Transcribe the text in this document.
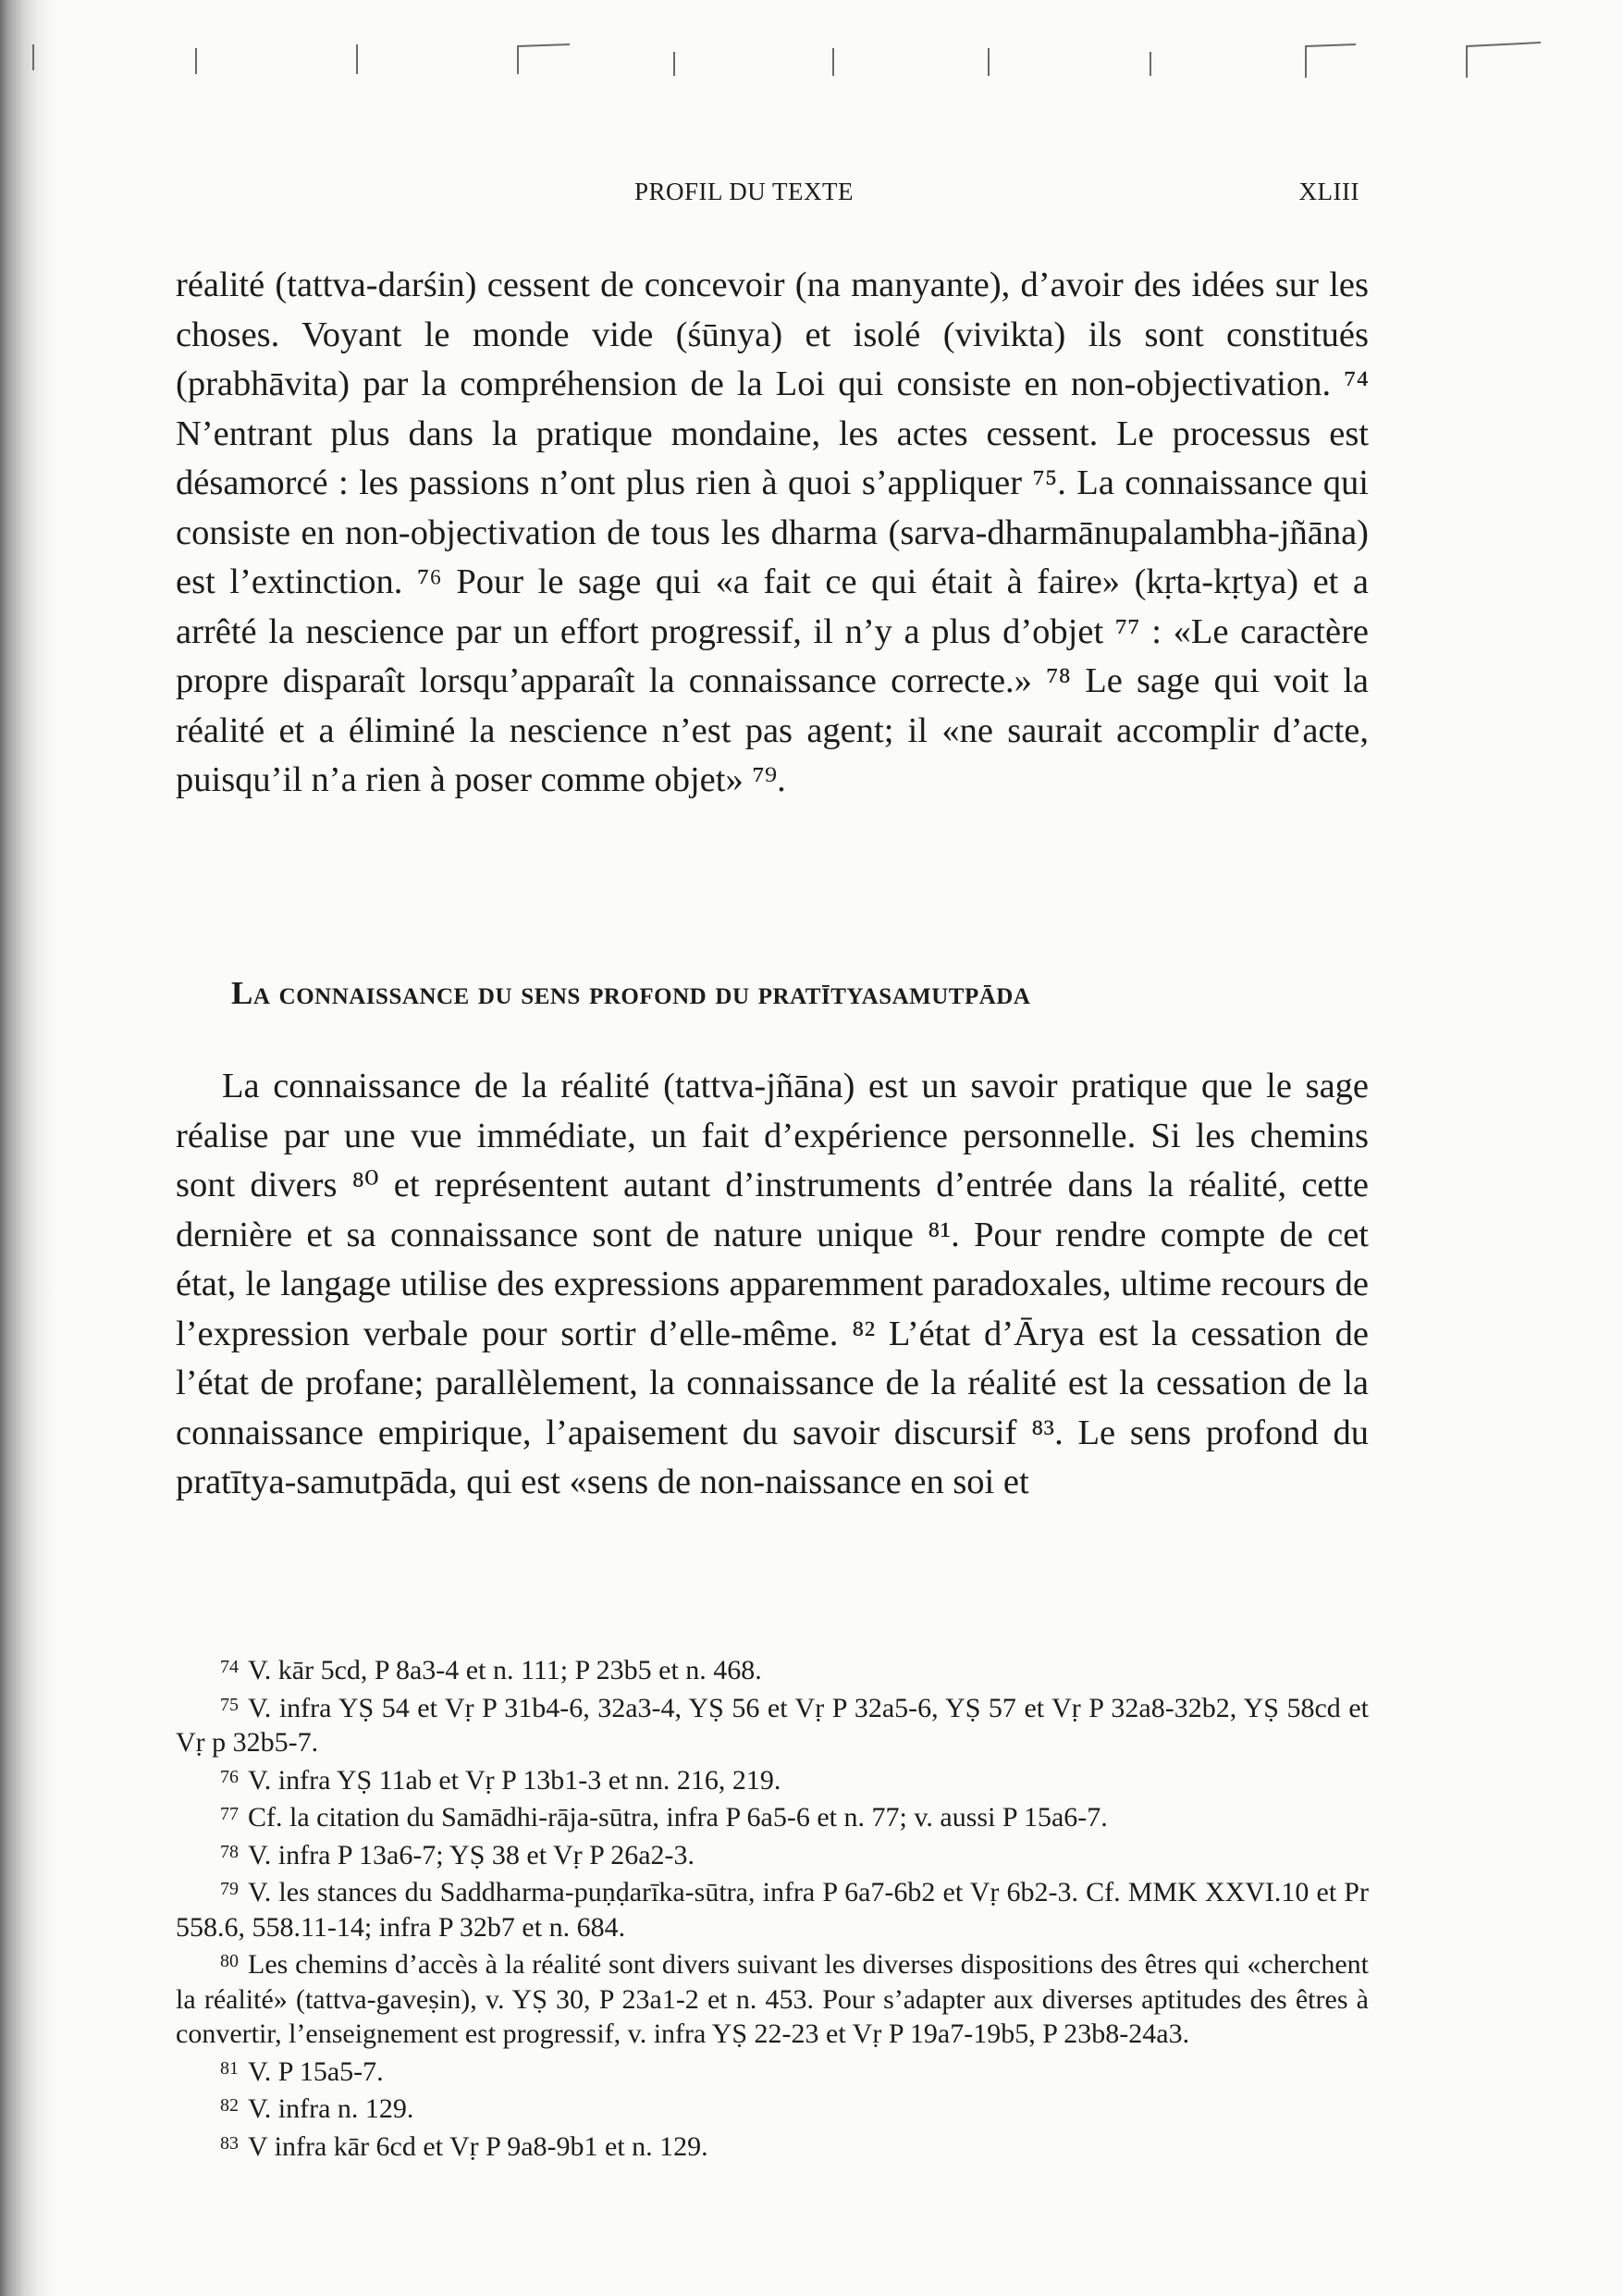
PROFIL DU TEXTE	XLIII

réalité (tattva-darśin) cessent de concevoir (na manyante), d’avoir des idées sur les choses. Voyant le monde vide (śūnya) et isolé (vivikta) ils sont constitués (prabhāvita) par la compréhension de la Loi qui consiste en non-objectivation. ⁷⁴ N’entrant plus dans la pratique mondaine, les actes cessent. Le processus est désamorcé : les passions n’ont plus rien à quoi s’appliquer ⁷⁵. La connaissance qui consiste en non-objectivation de tous les dharma (sarva-dharmānupalambha-jñāna) est l’extinction. ⁷⁶ Pour le sage qui «a fait ce qui était à faire» (kṛta-kṛtya) et a arrêté la nescience par un effort progressif, il n’y a plus d’objet ⁷⁷ : «Le caractère propre disparaît lorsqu’apparaît la connaissance correcte.» ⁷⁸ Le sage qui voit la réalité et a éliminé la nescience n’est pas agent; il «ne saurait accomplir d’acte, puisqu’il n’a rien à poser comme objet» ⁷⁹.

La connaissance du sens profond du pratītyasamutpāda

La connaissance de la réalité (tattva-jñāna) est un savoir pratique que le sage réalise par une vue immédiate, un fait d’expérience personnelle. Si les chemins sont divers ⁸⁰ et représentent autant d’instruments d’entrée dans la réalité, cette dernière et sa connaissance sont de nature unique ⁸¹. Pour rendre compte de cet état, le langage utilise des expressions apparemment paradoxales, ultime recours de l’expression verbale pour sortir d’elle-même. ⁸² L’état d’Ārya est la cessation de l’état de profane; parallèlement, la connaissance de la réalité est la cessation de la connaissance empirique, l’apaisement du savoir discursif ⁸³. Le sens profond du pratītya-samutpāda, qui est «sens de non-naissance en soi et

$^{74}$ V. kār 5cd, P 8a3-4 et n. 111; P 23b5 et n. 468.

$^{75}$ V. infra YṢ 54 et Vṛ P 31b4-6, 32a3-4, YṢ 56 et Vṛ P 32a5-6, YṢ 57 et Vṛ P 32a8-32b2, YṢ 58cd et Vṛ p 32b5-7.

$^{76}$ V. infra YṢ 11ab et Vṛ P 13b1-3 et nn. 216, 219.

$^{77}$ Cf. la citation du Samādhi-rāja-sūtra, infra P 6a5-6 et n. 77; v. aussi P 15a6-7.

$^{78}$ V. infra P 13a6-7; YṢ 38 et Vṛ P 26a2-3.

$^{79}$ V. les stances du Saddharma-puṇḍarīka-sūtra, infra P 6a7-6b2 et Vṛ 6b2-3. Cf. MMK XXVI.10 et Pr 558.6, 558.11-14; infra P 32b7 et n. 684.

$^{80}$ Les chemins d’accès à la réalité sont divers suivant les diverses dispositions des êtres qui «cherchent la réalité» (tattva-gaveṣin), v. YṢ 30, P 23a1-2 et n. 453. Pour s’adapter aux diverses aptitudes des êtres à convertir, l’enseignement est progressif, v. infra YṢ 22-23 et Vṛ P 19a7-19b5, P 23b8-24a3.

$^{81}$ V. P 15a5-7.

$^{82}$ V. infra n. 129.

$^{83}$ V infra kār 6cd et Vṛ P 9a8-9b1 et n. 129.
